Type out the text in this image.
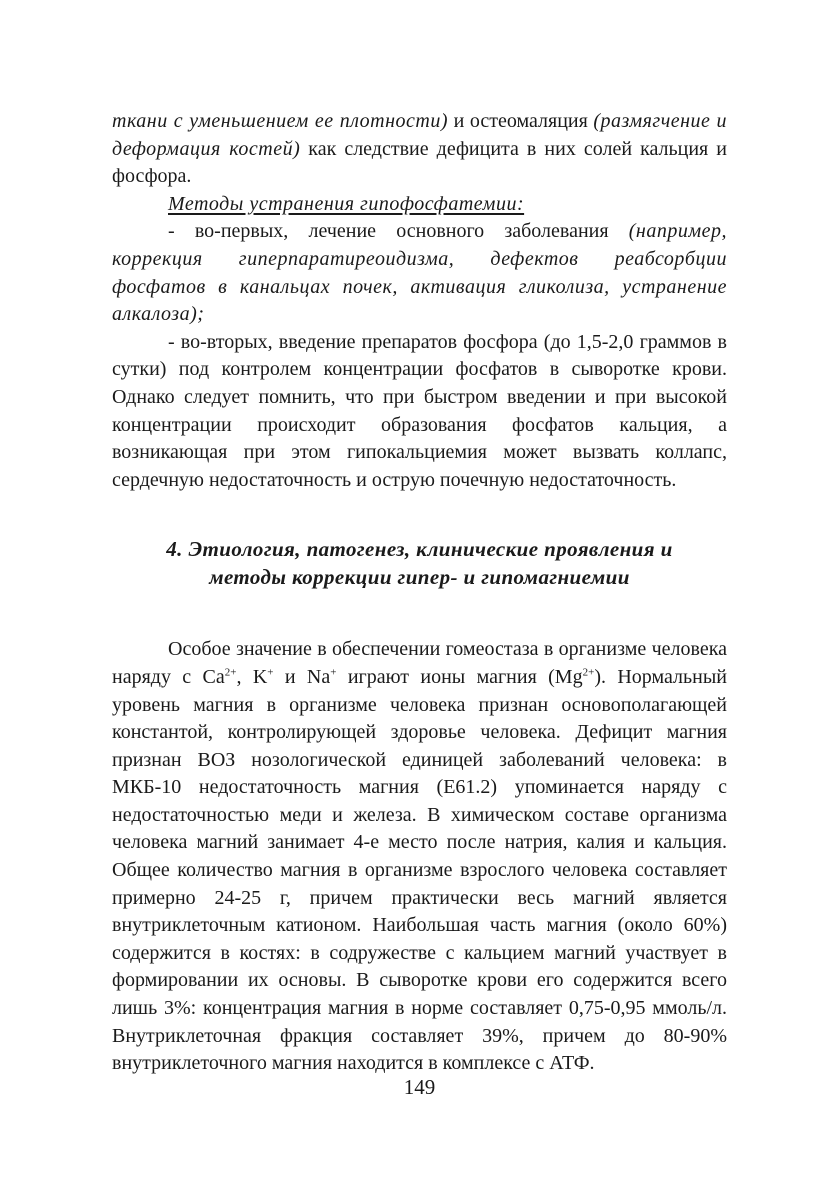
ткани с уменьшением ее плотности) и остеомаляция (размягчение и деформация костей) как следствие дефицита в них солей кальция и фосфора.

Методы устранения гипофосфатемии:

- во-первых, лечение основного заболевания (например, коррекция гиперпаратиреоидизма, дефектов реабсорбции фосфатов в канальцах почек, активация гликолиза, устранение алкалоза);

- во-вторых, введение препаратов фосфора (до 1,5-2,0 граммов в сутки) под контролем концентрации фосфатов в сыворотке крови. Однако следует помнить, что при быстром введении и при высокой концентрации происходит образования фосфатов кальция, а возникающая при этом гипокальциемия может вызвать коллапс, сердечную недостаточность и острую почечную недостаточность.

4. Этиология, патогенез, клинические проявления и
методы коррекции гипер- и гипомагниемии

Особое значение в обеспечении гомеостаза в организме человека наряду с $Ca^{2+}$, K+ и Na+ играют ионы магния $(Mg^{2+})$. Нормальный уровень магния в организме человека признан основополагающей константой, контролирующей здоровье человека. Дефицит магния признан ВОЗ нозологической единицей заболеваний человека: в МКБ-10 недостаточность магния (E61.2) упоминается наряду с недостаточностью меди и железа. В химическом составе организма человека магний занимает 4-е место после натрия, калия и кальция. Общее количество магния в организме взрослого человека составляет примерно 24-25 г, причем практически весь магний является внутриклеточным катионом. Наибольшая часть магния (около 60%) содержится в костях: в содружестве с кальцием магний участвует в формировании их основы. В сыворотке крови его содержится всего лишь 3%: концентрация магния в норме составляет 0,75-0,95 ммоль/л. Внутриклеточная фракция составляет 39%, причем до 80-90% внутриклеточного магния находится в комплексе с АТФ.

149
